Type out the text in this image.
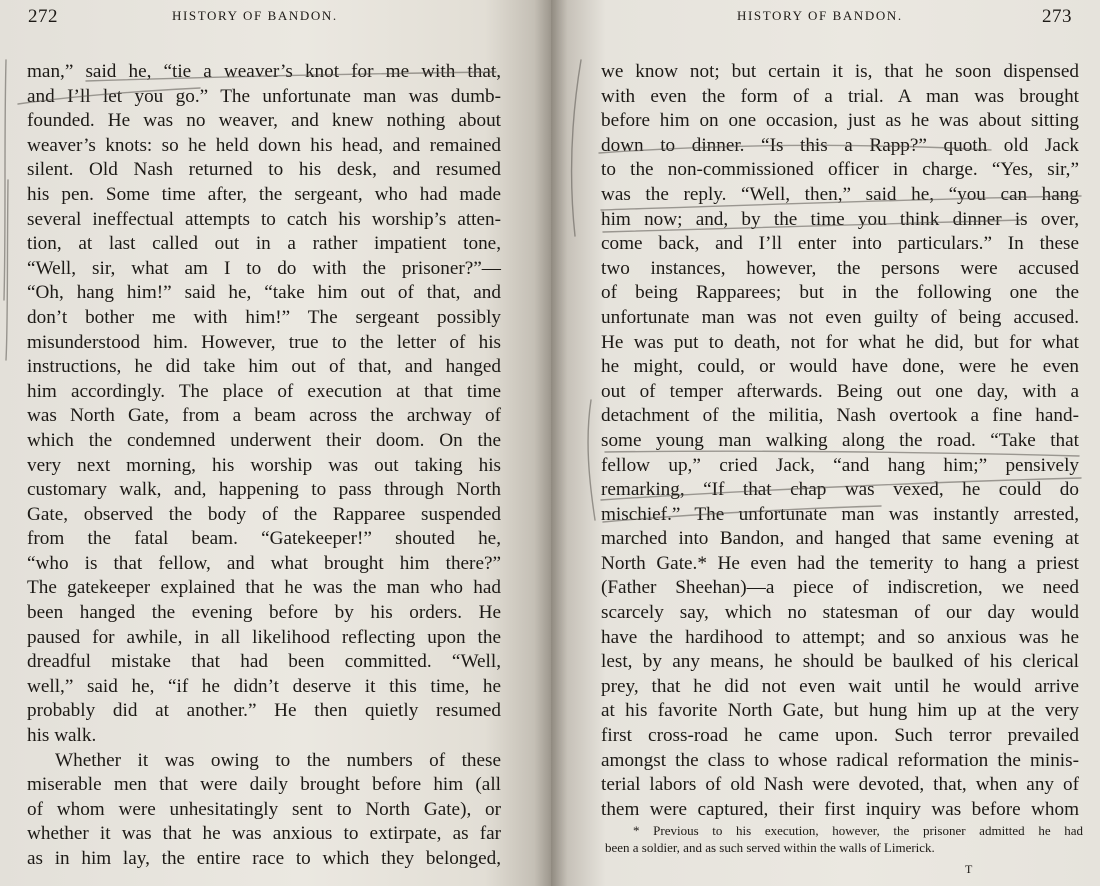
272	HISTORY OF BANDON.
man,” said he, “tie a weaver’s knot for me with that,
and I’ll let you go.” The unfortunate man was dumb-
founded. He was no weaver, and knew nothing about
weaver’s knots: so he held down his head, and remained
silent. Old Nash returned to his desk, and resumed
his pen. Some time after, the sergeant, who had made
several ineffectual attempts to catch his worship’s atten-
tion, at last called out in a rather impatient tone,
“Well, sir, what am I to do with the prisoner?”—
“Oh, hang him!” said he, “take him out of that, and
don’t bother me with him!” The sergeant possibly
misunderstood him. However, true to the letter of his
instructions, he did take him out of that, and hanged
him accordingly. The place of execution at that time
was North Gate, from a beam across the archway of
which the condemned underwent their doom. On the
very next morning, his worship was out taking his
customary walk, and, happening to pass through North
Gate, observed the body of the Rapparee suspended
from the fatal beam. “Gatekeeper!” shouted he,
“who is that fellow, and what brought him there?”
The gatekeeper explained that he was the man who had
been hanged the evening before by his orders. He
paused for awhile, in all likelihood reflecting upon the
dreadful mistake that had been committed. “Well,
well,” said he, “if he didn’t deserve it this time, he
probably did at another.” He then quietly resumed
his walk.
Whether it was owing to the numbers of these
miserable men that were daily brought before him (all
of whom were unhesitatingly sent to North Gate), or
whether it was that he was anxious to extirpate, as far
as in him lay, the entire race to which they belonged,
HISTORY OF BANDON.	273
we know not; but certain it is, that he soon dispensed
with even the form of a trial. A man was brought
before him on one occasion, just as he was about sitting
down to dinner. “Is this a Rapp?” quoth old Jack
to the non-commissioned officer in charge. “Yes, sir,”
was the reply. “Well, then,” said he, “you can hang
him now; and, by the time you think dinner is over,
come back, and I’ll enter into particulars.” In these
two instances, however, the persons were accused
of being Rapparees; but in the following one the
unfortunate man was not even guilty of being accused.
He was put to death, not for what he did, but for what
he might, could, or would have done, were he even
out of temper afterwards. Being out one day, with a
detachment of the militia, Nash overtook a fine hand-
some young man walking along the road. “Take that
fellow up,” cried Jack, “and hang him;” pensively
remarking, “If that chap was vexed, he could do
mischief.” The unfortunate man was instantly arrested,
marched into Bandon, and hanged that same evening at
North Gate.* He even had the temerity to hang a priest
(Father Sheehan)—a piece of indiscretion, we need
scarcely say, which no statesman of our day would
have the hardihood to attempt; and so anxious was he
lest, by any means, he should be baulked of his clerical
prey, that he did not even wait until he would arrive
at his favorite North Gate, but hung him up at the very
first cross-road he came upon. Such terror prevailed
amongst the class to whose radical reformation the minis-
terial labors of old Nash were devoted, that, when any of
them were captured, their first inquiry was before whom
* Previous to his execution, however, the prisoner admitted he had
been a soldier, and as such served within the walls of Limerick.
T
